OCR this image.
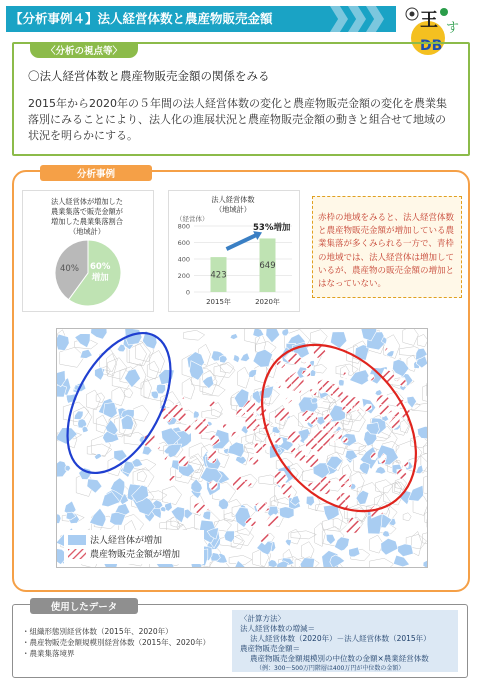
【分析事例４】法人経営体数と農産物販売金額	王 す
DB
〈分析の視点等〉
〇法人経営体数と農産物販売金額の関係をみる
2015年から2020年の５年間の法人経営体数の変化と農産物販売金額の変化を農業集落別にみることにより、法人化の進展状況と農産物販売金額の動きと組合せて地域の状況を明らかにする。
分析事例
法人経営体が増加した
農業集落で販売金額が
増加した農業集落割合
（地域計）
40% 60%
増加
法人経営体数
（地域計）
（経営体）
0
200
400
600
800
423
2015年
649
2020年
53%増加
赤枠の地域をみると、法人経営体数と農産物販売金額が増加している農業集落が多くみられる一方で、青枠の地域では、法人経営体は増加しているが、農産物の販売金額の増加とはなっていない。
法人経営体が増加
農産物販売金額が増加
使用したデータ
・組織形態別経営体数（2015年、2020年）
・農産物販売金額規模別経営体数（2015年、2020年）
・農業集落境界
〈計算方法〉
法人経営体数の増減＝
法人経営体数（2020年）－法人経営体数（2015年）
農産物販売金額＝
農産物販売金額規模別の中位数の金額×農業経営体数
（例：300～500万円階層は400万円が中位数の金額）
